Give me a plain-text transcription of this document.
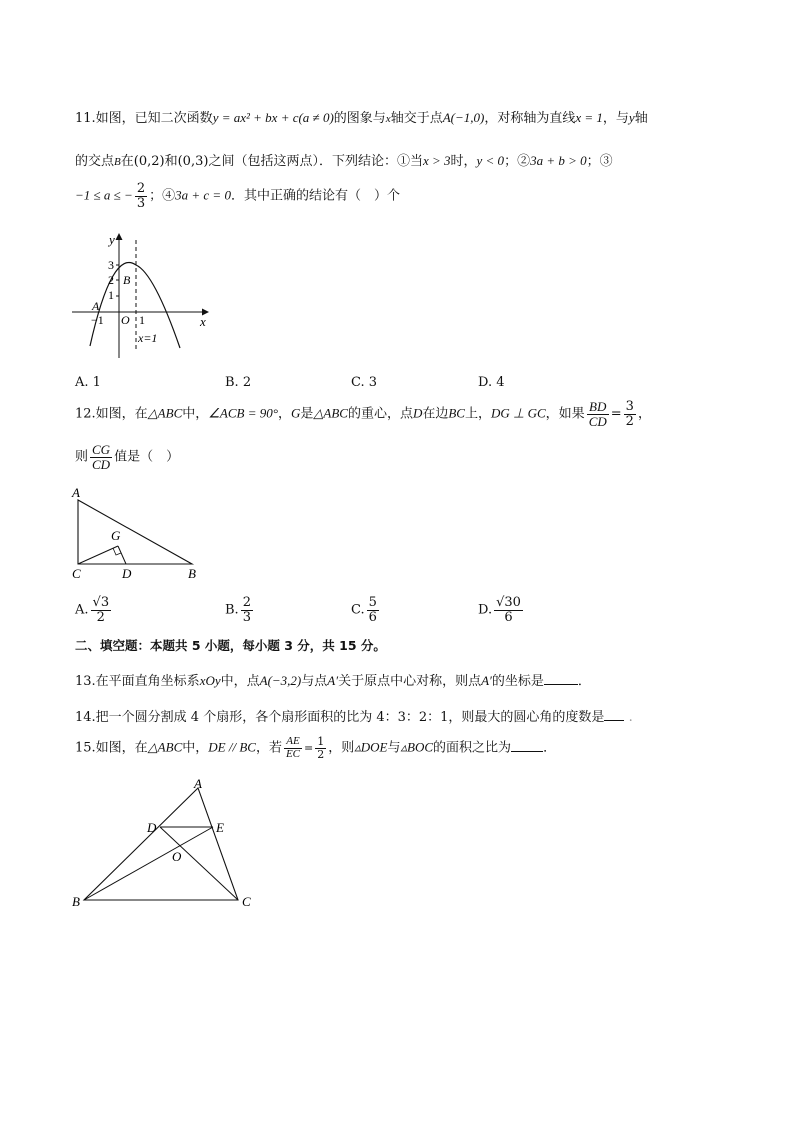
11.如图，已知二次函数y = ax² + bx + c(a ≠ 0)的图象与x轴交于点A(−1,0)，对称轴为直线x = 1，与y轴
的交点B在(0,2)和(0,3)之间（包括这两点）．下列结论：①当x > 3时，y < 0；②3a + b > 0；③
−1 ≤ a ≤ − $\frac{2}{3}$ ；④3a + c = 0．其中正确的结论有（　）个
y
x
3
2 B
1
A
−1 O 1
x=1
A. 1	B. 2	C. 3	D. 4
12.如图，在△ABC中，∠ACB = 90°，G是△ABC的重心，点D在边BC上，DG ⊥ GC，如果 $\frac{BD}{CD} = \frac{3}{2}$ ，
则 $\frac{CG}{CD}$ 值是（　）
A
G
C	D	B
A. $\frac{√3}{2}$	B. $\frac{2}{3}$	C. $\frac{5}{6}$	D. $\frac{√30}{6}$
二、填空题：本题共 5 小题，每小题 3 分，共 15 分。
13.在平面直角坐标系xOy中，点A(−3,2)与点A′关于原点中心对称，则点A′的坐标是	．
14.把一个圆分割成 4 个扇形，各个扇形面积的比为 4：3：2：1，则最大的圆心角的度数是 .
15.如图，在△ABC中，DE // BC，若 $\frac{AE}{EC} = \frac{1}{2}$ ，则▵DOE与▵BOC的面积之比为 ．
A
D	E
O
B	C
